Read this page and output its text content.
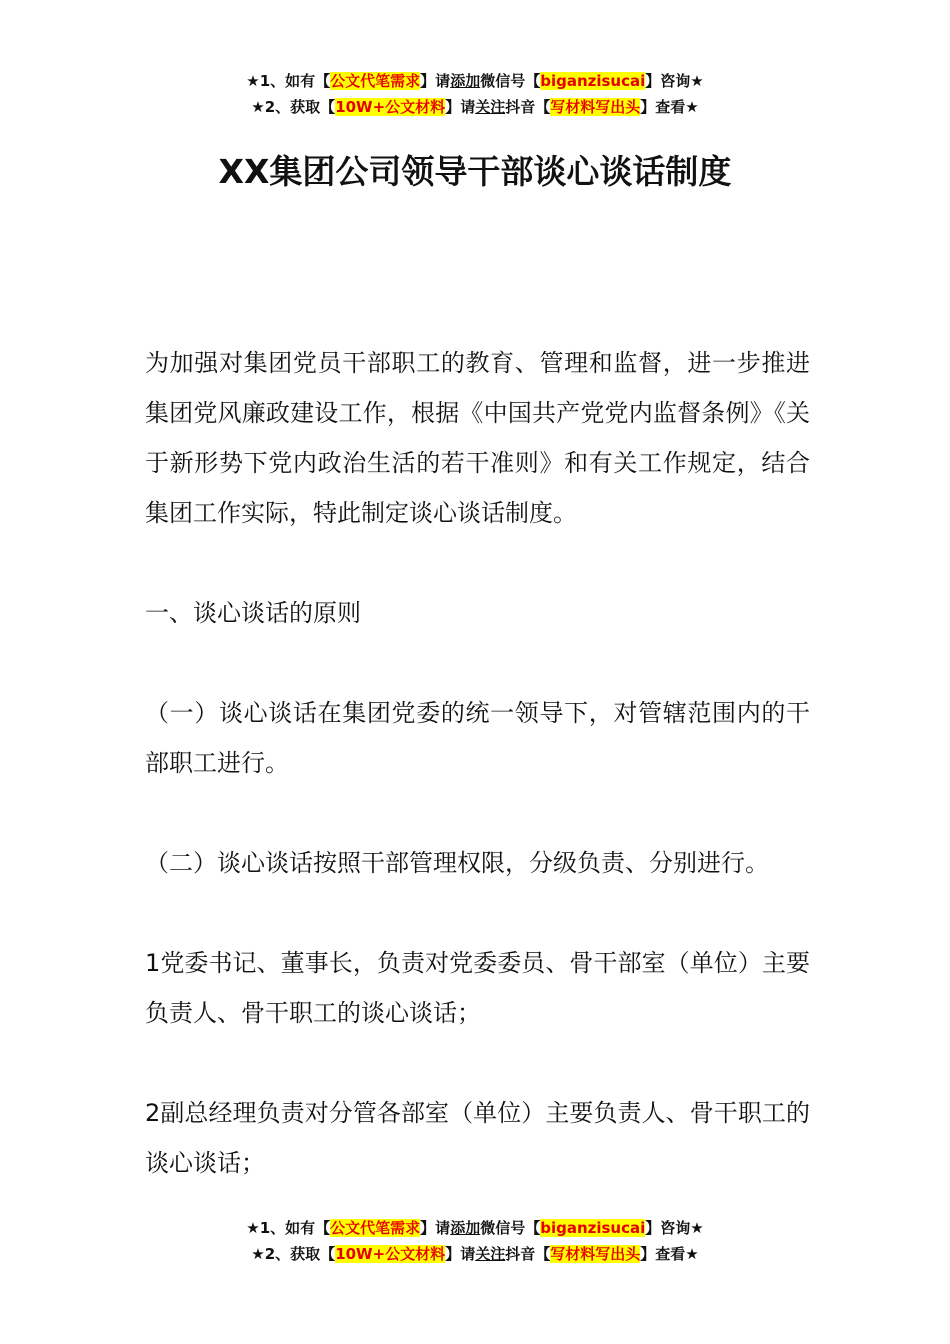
★1、如有【公文代笔需求】请添加微信号【biganzisucai】咨询★
★2、获取【10W+公文材料】请关注抖音【写材料写出头】查看★
XX集团公司领导干部谈心谈话制度

为加强对集团党员干部职工的教育、管理和监督，进一步推进集团党风廉政建设工作，根据《中国共产党党内监督条例》《关于新形势下党内政治生活的若干准则》和有关工作规定，结合集团工作实际，特此制定谈心谈话制度。

一、谈心谈话的原则

（一）谈心谈话在集团党委的统一领导下，对管辖范围内的干部职工进行。

（二）谈心谈话按照干部管理权限，分级负责、分别进行。

1党委书记、董事长，负责对党委委员、骨干部室（单位）主要负责人、骨干职工的谈心谈话；

2副总经理负责对分管各部室（单位）主要负责人、骨干职工的谈心谈话；

★1、如有【公文代笔需求】请添加微信号【biganzisucai】咨询★
★2、获取【10W+公文材料】请关注抖音【写材料写出头】查看★
